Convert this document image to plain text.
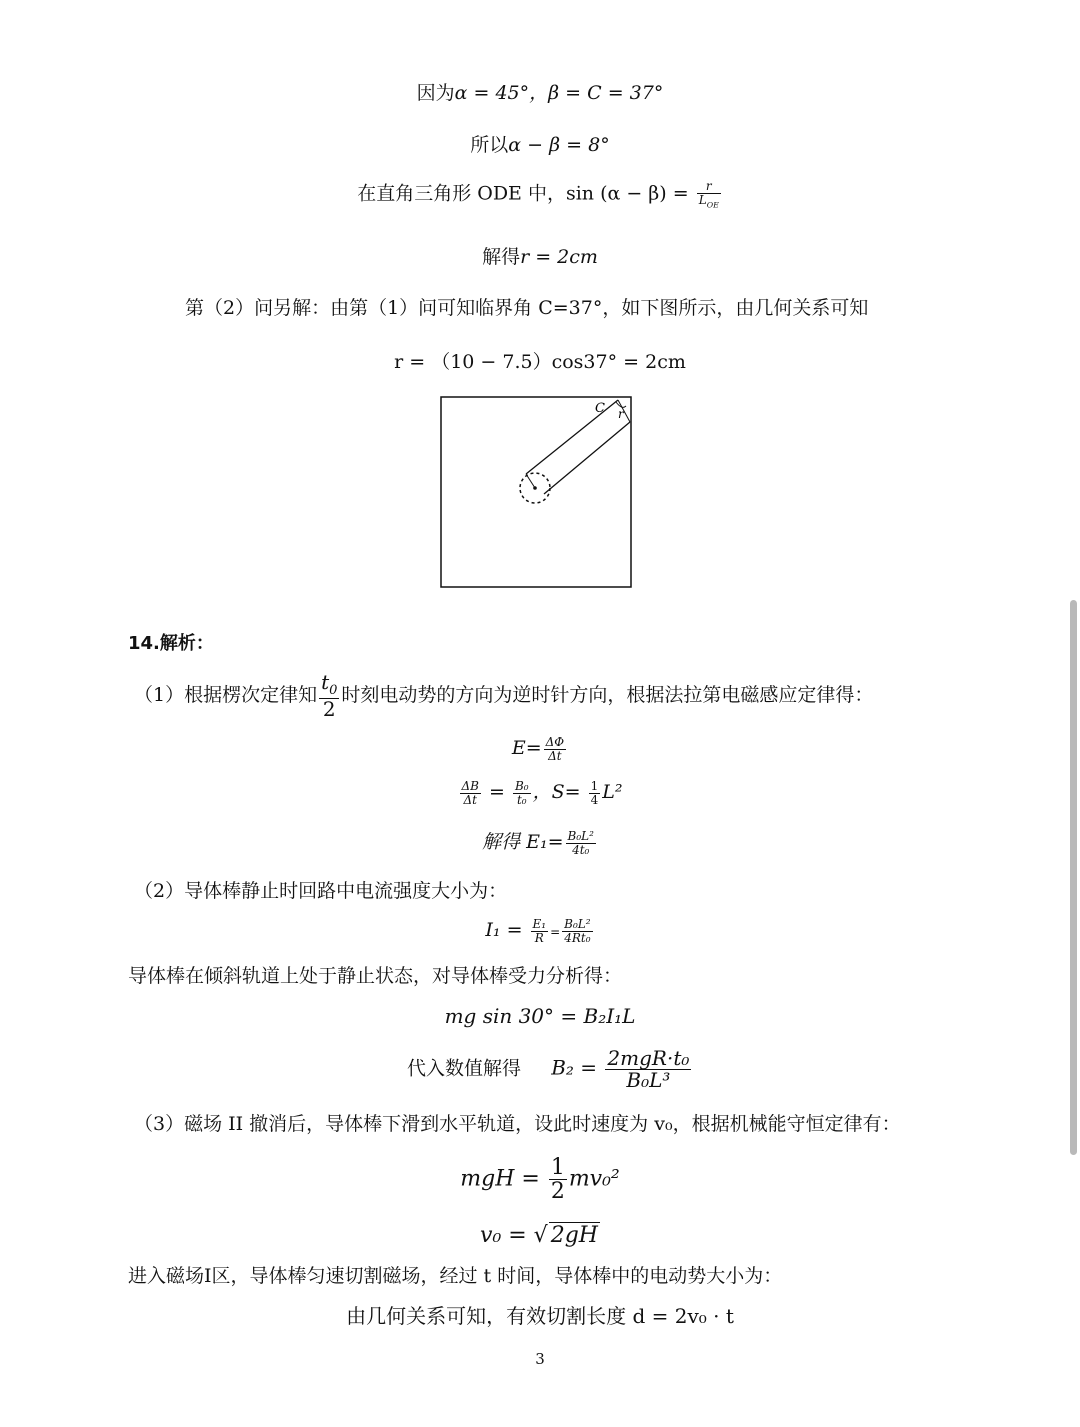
因为α = 45°，β = C = 37°
所以α − β = 8°
在直角三角形 ODE 中，$\sin (\alpha - \beta) = \frac{r}{L_{OE}}$
解得r = 2cm
第（2）问另解：由第（1）问可知临界角 C=37°，如下图所示，由几何关系可知
r = （10 − 7.5）cos37° = 2cm
C r
14.解析：
（1）根据楞次定律知 $\frac{t_0}{2}$ 时刻电动势的方向为逆时针方向，根据法拉第电磁感应定律得：
$E= \frac{\Delta\Phi}{\Delta t}$
$\frac{\Delta B}{\Delta t} = \frac{\text{B₀}}{\text{t₀}}$ ，$S= \frac{1}{4} L^2$
解得 $E_1= \frac{\text{B₀L²}}{\text{4t₀}}$
（2）导体棒静止时回路中电流强度大小为：
$I_1 = \frac{\text{E₁}}{R} = \frac{\text{B₀L²}}{\text{4Rt₀}}$
导体棒在倾斜轨道上处于静止状态，对导体棒受力分析得：
mg sin 30° = B₂I₁L
代入数值解得 $B_2 = \frac{\text{2mgR·t₀}}{\text{B₀L³}}$
（3）磁场 II 撤消后，导体棒下滑到水平轨道，设此时速度为 v₀，根据机械能守恒定律有：
mgH = $\frac{1}{2} mv_0^2$
v₀ = √ 2gH
进入磁场I区，导体棒匀速切割磁场，经过 t 时间，导体棒中的电动势大小为：
由几何关系可知，有效切割长度 d = 2v₀ · t
3
